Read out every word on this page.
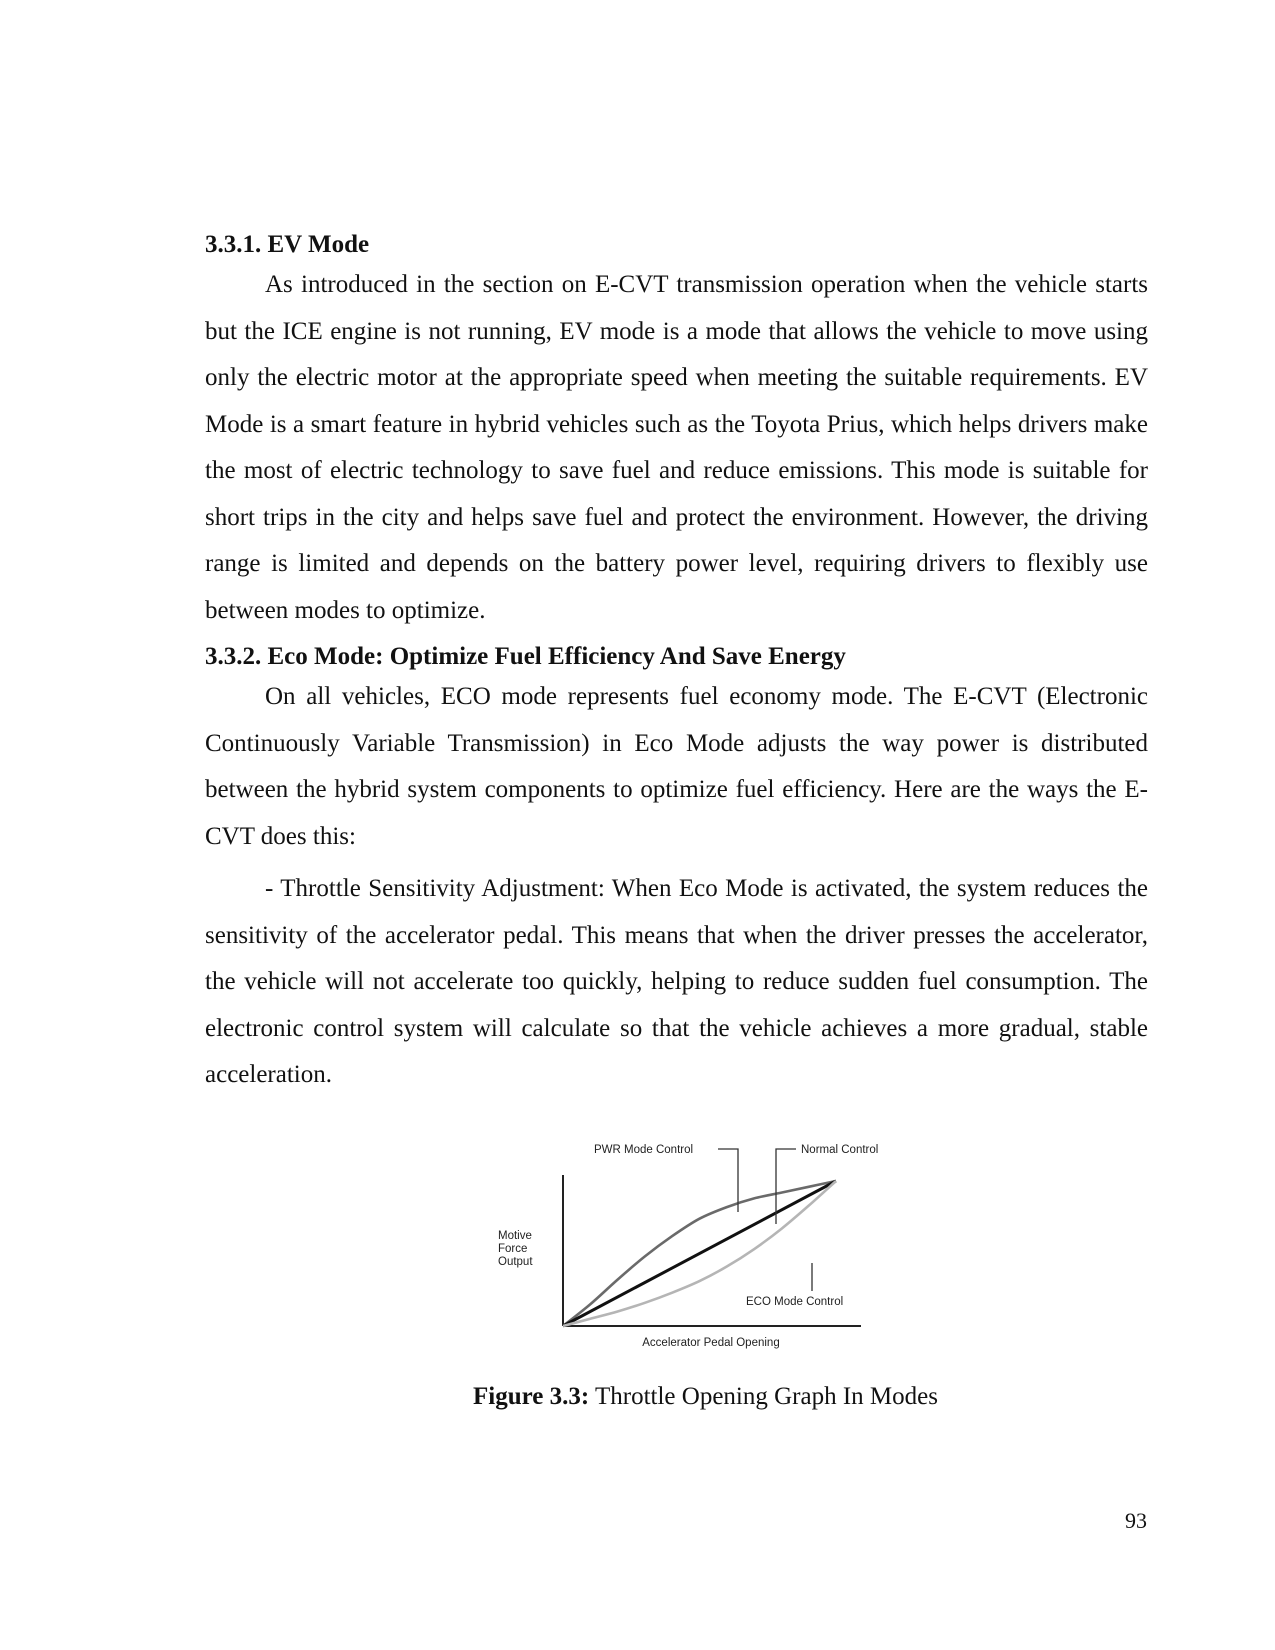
3.3.1. EV Mode

As introduced in the section on E-CVT transmission operation when the vehicle starts but the ICE engine is not running, EV mode is a mode that allows the vehicle to move using only the electric motor at the appropriate speed when meeting the suitable requirements. EV Mode is a smart feature in hybrid vehicles such as the Toyota Prius, which helps drivers make the most of electric technology to save fuel and reduce emissions. This mode is suitable for short trips in the city and helps save fuel and protect the environment. However, the driving range is limited and depends on the battery power level, requiring drivers to flexibly use between modes to optimize.

3.3.2. Eco Mode: Optimize Fuel Efficiency And Save Energy

On all vehicles, ECO mode represents fuel economy mode. The E-CVT (Electronic Continuously Variable Transmission) in Eco Mode adjusts the way power is distributed between the hybrid system components to optimize fuel efficiency. Here are the ways the E-CVT does this:

- Throttle Sensitivity Adjustment: When Eco Mode is activated, the system reduces the sensitivity of the accelerator pedal. This means that when the driver presses the accelerator, the vehicle will not accelerate too quickly, helping to reduce sudden fuel consumption. The electronic control system will calculate so that the vehicle achieves a more gradual, stable acceleration.

PWR Mode Control	Normal Control
ECO Mode Control
Motive
Force
Output
Accelerator Pedal Opening
Figure 3.3: Throttle Opening Graph In Modes
93
